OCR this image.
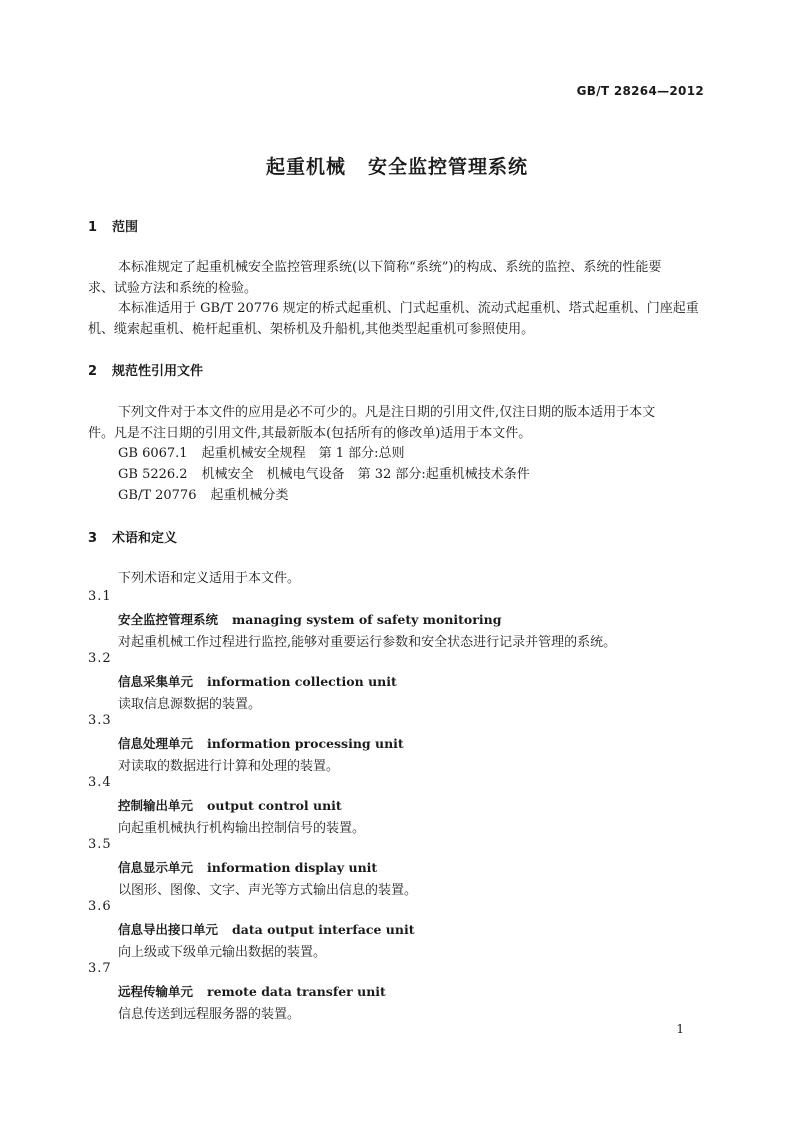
GB/T 28264—2012
起重机械 安全监控管理系统
1 范围
本标准规定了起重机械安全监控管理系统(以下简称“系统”)的构成、系统的监控、系统的性能要
求、试验方法和系统的检验。
本标准适用于 GB/T 20776 规定的桥式起重机、门式起重机、流动式起重机、塔式起重机、门座起重
机、缆索起重机、桅杆起重机、架桥机及升船机,其他类型起重机可参照使用。
2 规范性引用文件
下列文件对于本文件的应用是必不可少的。凡是注日期的引用文件,仅注日期的版本适用于本文
件。凡是不注日期的引用文件,其最新版本(包括所有的修改单)适用于本文件。
GB 6067.1 起重机械安全规程　第 1 部分:总则
GB 5226.2 机械安全　机械电气设备　第 32 部分:起重机械技术条件
GB/T 20776 起重机械分类
3 术语和定义
下列术语和定义适用于本文件。
3.1
安全监控管理系统 managing system of safety monitoring
对起重机械工作过程进行监控,能够对重要运行参数和安全状态进行记录并管理的系统。
3.2
信息采集单元 information collection unit
读取信息源数据的装置。
3.3
信息处理单元 information processing unit
对读取的数据进行计算和处理的装置。
3.4
控制输出单元 output control unit
向起重机械执行机构输出控制信号的装置。
3.5
信息显示单元 information display unit
以图形、图像、文字、声光等方式输出信息的装置。
3.6
信息导出接口单元 data output interface unit
向上级或下级单元输出数据的装置。
3.7
远程传输单元 remote data transfer unit
信息传送到远程服务器的装置。
1
